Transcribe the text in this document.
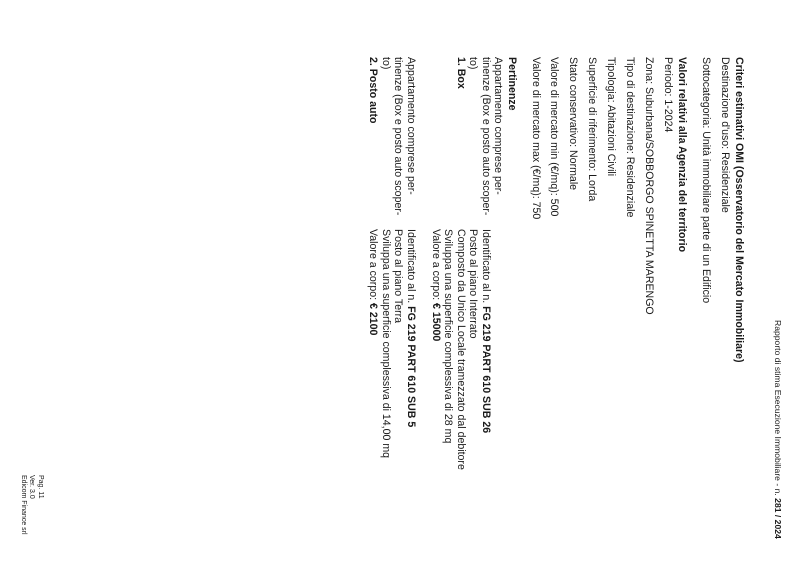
Rapporto di stima Esecuzione Immobiliare - n. 281 / 2024
Criteri estimativi OMI (Osservatorio del Mercato Immobiliare)
Destinazione d'uso: Residenziale
Sottocategoria: Unità immobiliare parte di un Edificio
Valori relativi alla Agenzia del territorio
Periodo: 1-2024
Zona: Suburbana/SOBBORGO SPINETTA MARENGO
Tipo di destinazione: Residenziale
Tipologia: Abitazioni Civili
Superficie di riferimento: Lorda
Stato conservativo: Normale
Valore di mercato min (€/mq): 500
Valore di mercato max (€/mq): 750
Pertinenze
Appartamento comprese per-
tinenze (Box e posto auto scoper-
to)
1. Box
Identificato al n. FG 219 PART 610 SUB 26
Posto al piano Interrato
Composto da Unico Locale tramezzato dal debitore
Sviluppa una superficie complessiva di 28 mq
Valore a corpo: € 15000
Appartamento comprese per-
tinenze (Box e posto auto scoper-
to)
2. Posto auto
Identificato al n. FG 219 PART 610 SUB 5
Posto al piano Terra
Sviluppa una superficie complessiva di 14,00 mq
Valore a corpo: € 2100
Pag. 11
Ver. 3.0
Edicom Finance srl
